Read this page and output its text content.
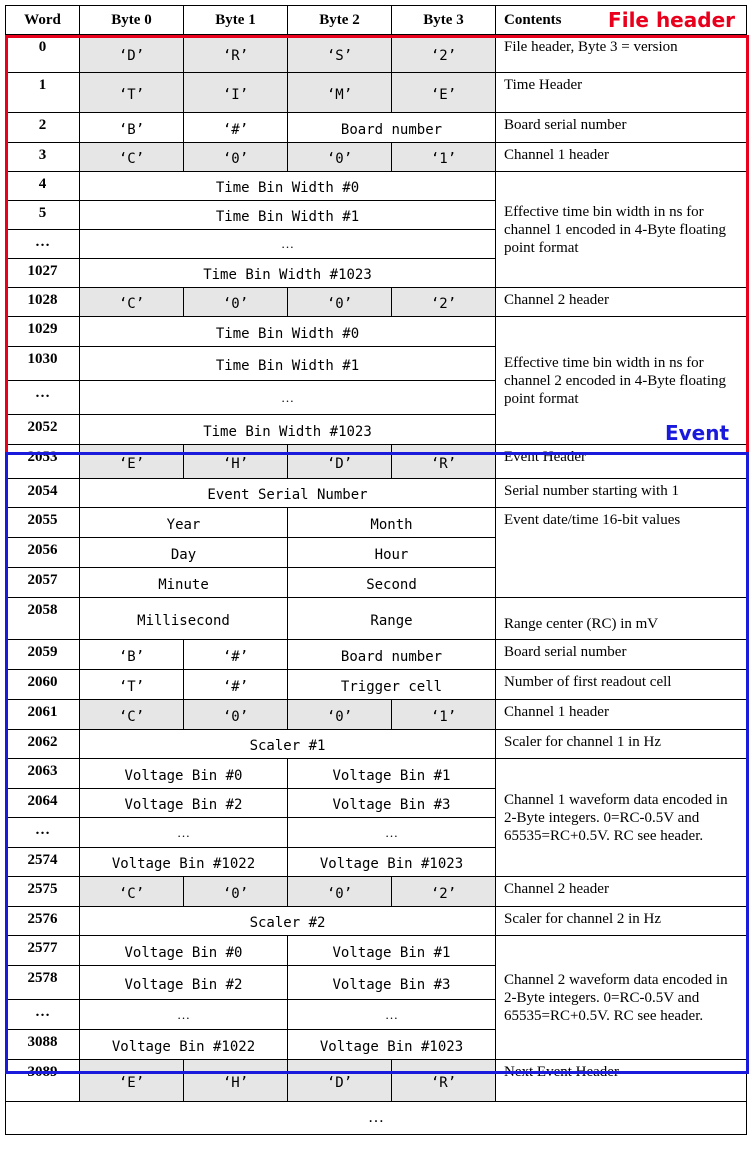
Word	Byte 0	Byte 1	Byte 2	Byte 3	Contents
0	‘D’	‘R’	‘S’	‘2’	File header, Byte 3 = version
1	‘T’	‘I’	‘M’	‘E’	Time Header
2	‘B’	‘#’	Board number		Board serial number
3	‘C’	‘0’	‘0’	‘1’	Channel 1 header
4	Time Bin Width #0				Effective time bin width in ns for channel 1 encoded in 4-Byte floating point format
5	Time Bin Width #1				
…	…				
1027	Time Bin Width #1023				
1028	‘C’	‘0’	‘0’	‘2’	Channel 2 header
1029	Time Bin Width #0				Effective time bin width in ns for channel 2 encoded in 4-Byte floating point format
1030	Time Bin Width #1				
…	…				
2052	Time Bin Width #1023				
2053	‘E’	‘H’	‘D’	‘R’	Event Header
2054	Event Serial Number				Serial number starting with 1
2055	Year		Month		Event date/time 16-bit values
2056	Day		Hour		
2057	Minute		Second		
2058	Millisecond		Range		Range center (RC) in mV
2059	‘B’	‘#’	Board number		Board serial number
2060	‘T’	‘#’	Trigger cell		Number of first readout cell
2061	‘C’	‘0’	‘0’	‘1’	Channel 1 header
2062	Scaler #1				Scaler for channel 1 in Hz
2063	Voltage Bin #0		Voltage Bin #1		Channel 1 waveform data encoded in 2-Byte integers. 0=RC-0.5V and 65535=RC+0.5V. RC see header.
2064	Voltage Bin #2		Voltage Bin #3		
…	…		…		
2574	Voltage Bin #1022		Voltage Bin #1023		
2575	‘C’	‘0’	‘0’	‘2’	Channel 2 header
2576	Scaler #2				Scaler for channel 2 in Hz
2577	Voltage Bin #0		Voltage Bin #1		Channel 2 waveform data encoded in 2-Byte integers. 0=RC-0.5V and 65535=RC+0.5V. RC see header.
2578	Voltage Bin #2		Voltage Bin #3		
…	…		…		
3088	Voltage Bin #1022		Voltage Bin #1023		
3089	‘E’	‘H’	‘D’	‘R’	Next Event Header
…					
File header
Event
